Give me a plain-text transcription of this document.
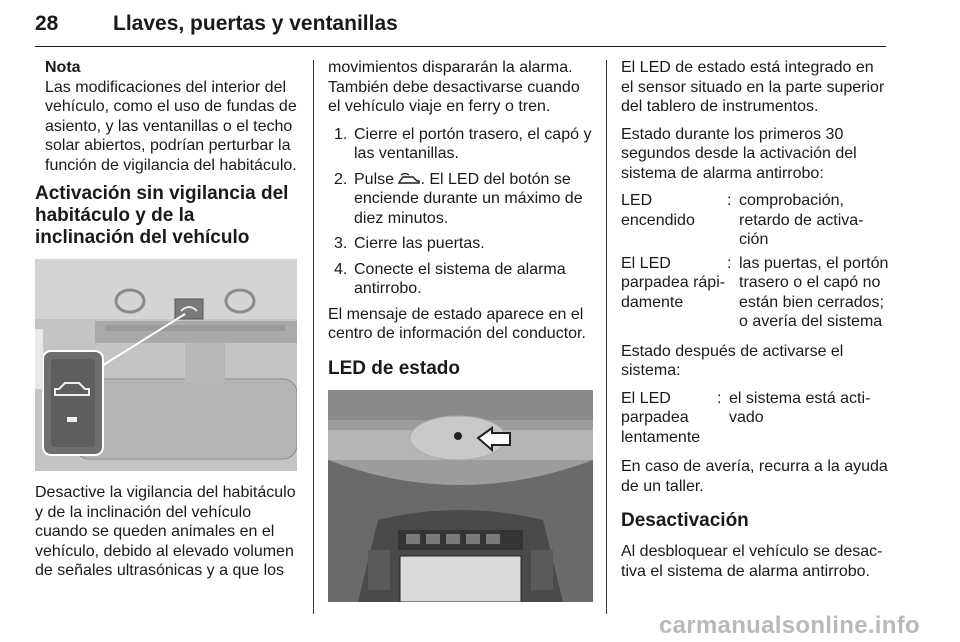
28	Llaves, puertas y ventanillas

Nota

Las modificaciones del interior del vehículo, como el uso de fundas de asiento, y las ventanillas o el techo solar abiertos, podrían perturbar la función de vigilancia del habitáculo.

Activación sin vigilancia del habitáculo y de la inclinación del vehículo

Desactive la vigilancia del habitáculo y de la inclinación del vehículo cuando se queden animales en el vehículo, debido al elevado volumen de señales ultrasónicas y a que los

movimientos dispararán la alarma. También debe desactivarse cuando el vehículo viaje en ferry o tren.

1. Cierre el portón trasero, el capó y las ventanillas.
2. Pulse . El LED del botón se enciende durante un máximo de diez minutos.
3. Cierre las puertas.
4. Conecte el sistema de alarma antirrobo.

El mensaje de estado aparece en el centro de información del conductor.

LED de estado

El LED de estado está integrado en el sensor situado en la parte superior del tablero de instrumentos.

Estado durante los primeros 30 segundos desde la activación del sistema de alarma antirrobo:

LED encendido
: comprobación, retardo de activa-ción
El LED parpadea rápi-damente
: las puertas, el portón trasero o el capó no están bien cerrados; o avería del sistema

Estado después de activarse el sistema:

El LED parpadea lentamente
: el sistema está acti-vado

En caso de avería, recurra a la ayuda de un taller.

Desactivación

Al desbloquear el vehículo se desac-tiva el sistema de alarma antirrobo.

carmanualsonline.info
